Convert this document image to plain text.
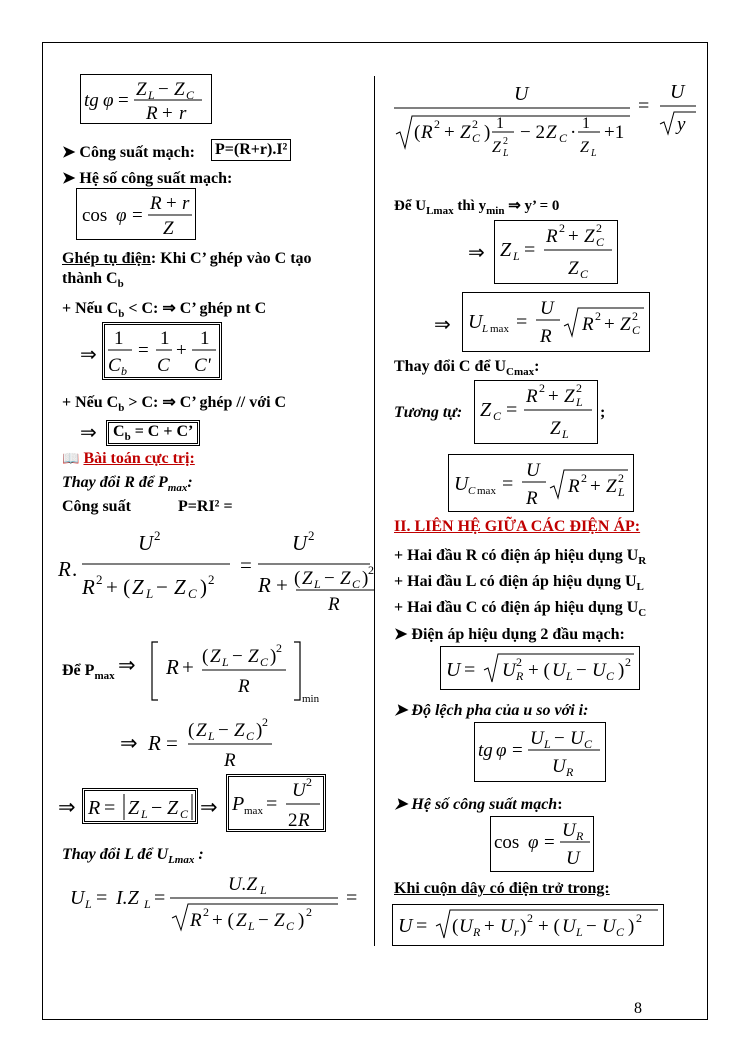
tg φ =
Z L − Z C
R + r
➤ Công suất mạch: P=(R+r).I²
➤ Hệ số công suất mạch:
cos φ =
R + r
Z
Ghép tụ điện: Khi C’ ghép vào C tạo
thành $C_b$
+ Nếu $C_b < C$: ⇒ C’ ghép nt C
⇒
1
C b
=
1
C
+
1
C'
+ Nếu $C_b > C$: ⇒ C’ ghép // với C
⇒	$C_b = C + C$’
📖 Bài toán cực trị:
Thay đổi R để $P_{max}$:
Công suất	P=RI² =
R .
U 2
R 2 + ( Z L − Z C ) 2
=
U 2
R + ( Z L − Z C ) 2
R
Để $P_{max}$ ⇒ R + ( Z L − Z C ) 2
R
min
⇒ R =
( Z L − Z C ) 2
R
⇒ R = Z L − Z C ⇒ P max =
U 2
2 R
Thay đổi L để $U_{Lmax}$ :
U L = I.Z L =
U.Z L
R 2 + ( Z L − Z C ) 2
=
U
( R 2 + Z 2
C ) 1
Z 2
L
− 2 Z C · 1
Z L
+1
=
U
y
Để $U_{Lmax}$ thì $y_{min}$ ⇒ y’ = 0
⇒ Z L =
R 2 + Z 2
C
Z C
⇒ U L max =
U
R
R 2 + Z 2
C
Thay đổi C để $U_{Cmax}$:
Tương tự: Z C =
R 2 + Z 2
L
Z L
;
U C max =
U
R
R 2 + Z 2
L
II. LIÊN HỆ GIỮA CÁC ĐIỆN ÁP:
+ Hai đầu R có điện áp hiệu dụng $U_R$
+ Hai đầu L có điện áp hiệu dụng $U_L$
+ Hai đầu C có điện áp hiệu dụng $U_C$
➤ Điện áp hiệu dụng 2 đầu mạch:
U = U 2
R + ( U L − U C ) 2
➤ Độ lệch pha của u so với i:
tg φ =
U L − U C
U R
➤ Hệ số công suất mạch:
cos φ =
U R
U
Khi cuộn dây có điện trở trong:
U = ( U R + U r ) 2 + ( U L − U C ) 2
8
